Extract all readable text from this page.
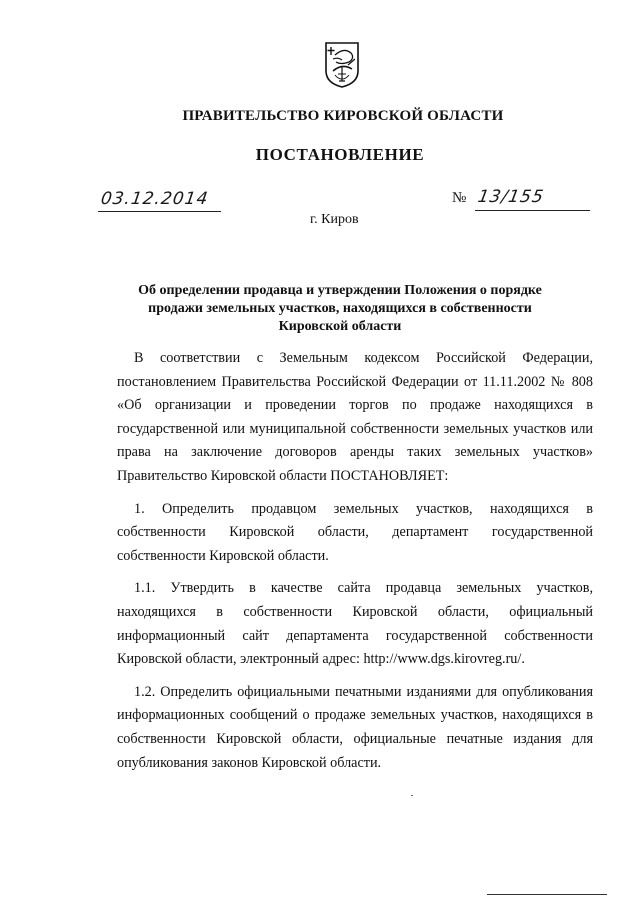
ПРАВИТЕЛЬСТВО КИРОВСКОЙ ОБЛАСТИ
ПОСТАНОВЛЕНИЕ
03.12.2014	№ 13/155
г. Киров
Об определении продавца и утверждении Положения о порядке
продажи земельных участков, находящихся в собственности
Кировской области

В соответствии с Земельным кодексом Российской Федерации, постановлением Правительства Российской Федерации от 11.11.2002 № 808 «Об организации и проведении торгов по продаже находящихся в государственной или муниципальной собственности земельных участков или права на заключение договоров аренды таких земельных участков» Правительство Кировской области ПОСТАНОВЛЯЕТ:

1. Определить продавцом земельных участков, находящихся в собственности Кировской области, департамент государственной собственности Кировской области.

1.1. Утвердить в качестве сайта продавца земельных участков, находящихся в собственности Кировской области, официальный информационный сайт департамента государственной собственности Кировской области, электронный адрес: http://www.dgs.kirovreg.ru/.

1.2. Определить официальными печатными изданиями для опубликования информационных сообщений о продаже земельных участков, находящихся в собственности Кировской области, официальные печатные издания для опубликования законов Кировской области.
